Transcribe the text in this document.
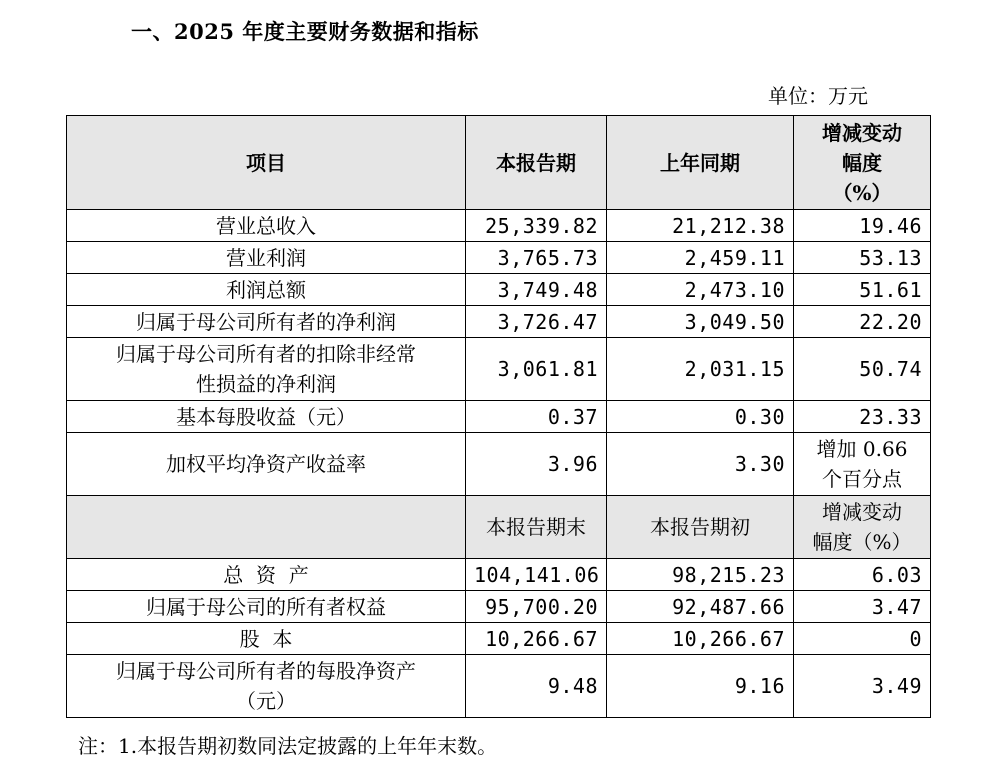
一、2025 年度主要财务数据和指标
单位：万元
项目	本报告期	上年同期	增减变动
幅度
（%）

营业总收入	25,339.82	21,212.38	19.46
营业利润	3,765.73	2,459.11	53.13
利润总额	3,749.48	2,473.10	51.61
归属于母公司所有者的净利润	3,726.47	3,049.50	22.20

归属于母公司所有者的扣除非经常
性损益的净利润	3,061.81	2,031.15	50.74
基本每股收益（元）	0.37	0.30	23.33
加权平均净资产收益率	3.96	3.30	增加 0.66
个百分点

	本报告期末	本报告期初	增减变动
幅度（%）

总  资  产	104,141.06	98,215.23	6.03
归属于母公司的所有者权益	95,700.20	92,487.66	3.47
股  本	10,266.67	10,266.67	0

归属于母公司所有者的每股净资产
（元）	9.48	9.16	3.49
注：1.本报告期初数同法定披露的上年年末数。
